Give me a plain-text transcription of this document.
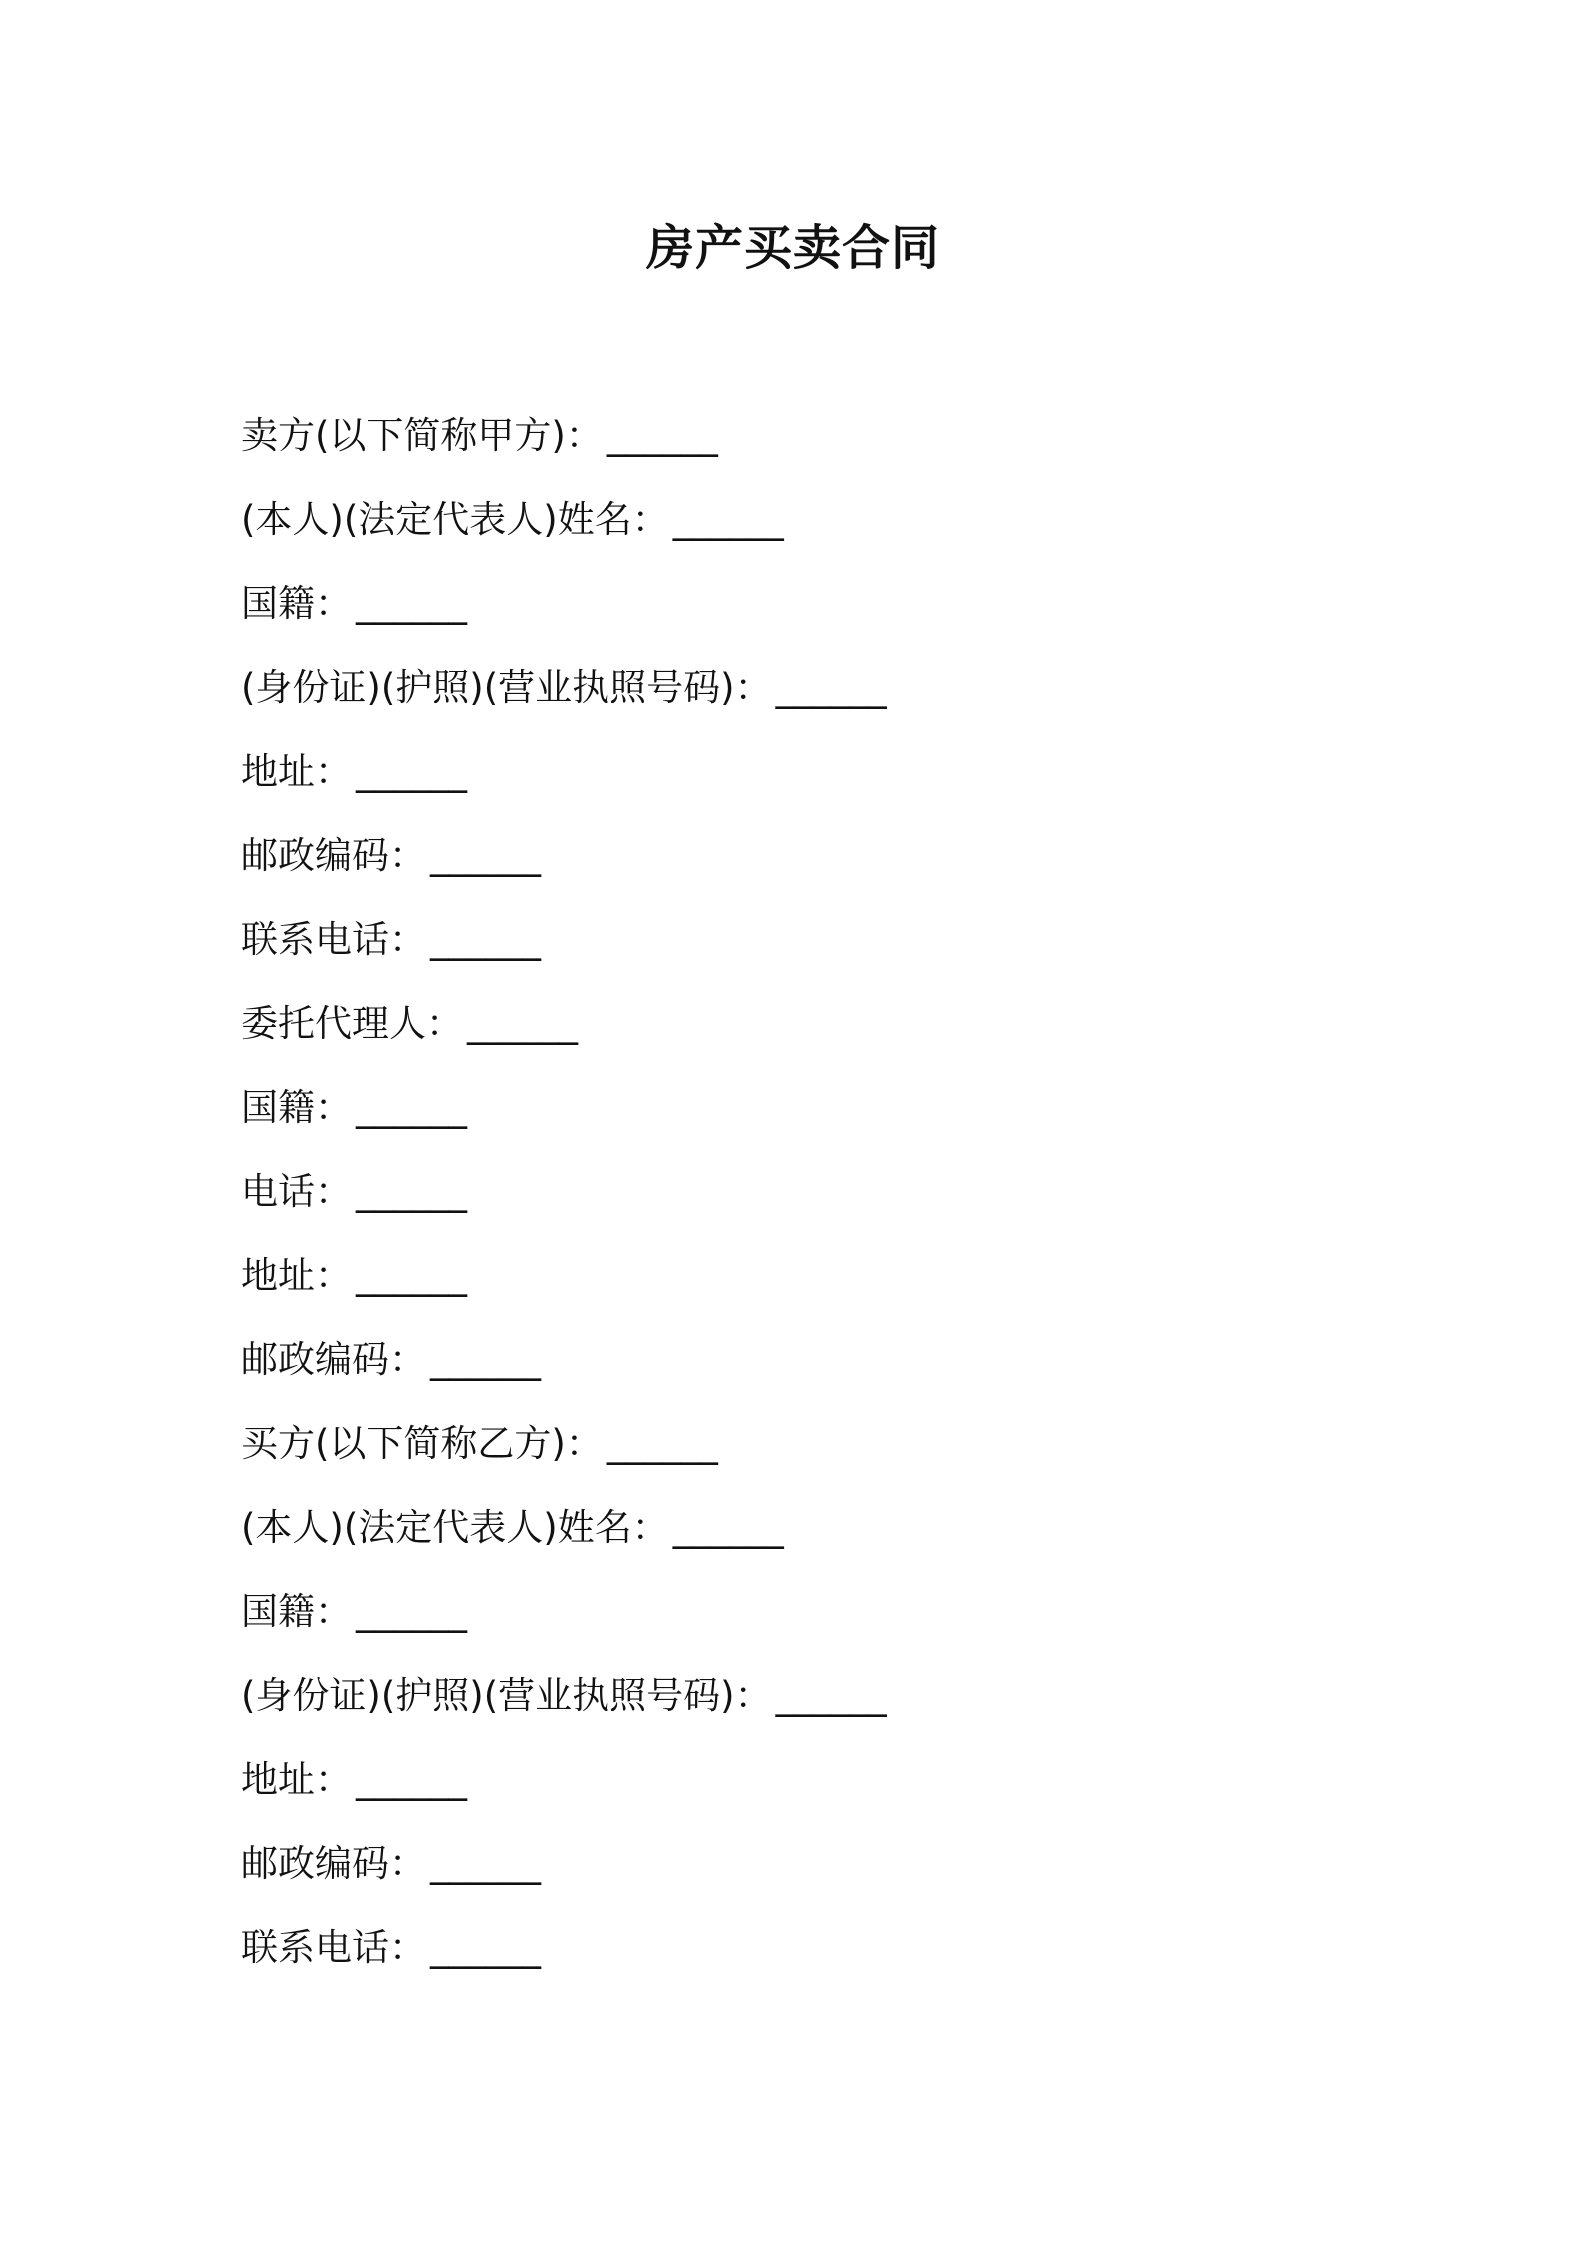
房产买卖合同
卖方(以下简称甲方)： ______
(本人)(法定代表人)姓名： ______
国籍： ______
(身份证)(护照)(营业执照号码)： ______
地址： ______
邮政编码： ______
联系电话： ______
委托代理人： ______
国籍： ______
电话： ______
地址： ______
邮政编码： ______
买方(以下简称乙方)： ______
(本人)(法定代表人)姓名： ______
国籍： ______
(身份证)(护照)(营业执照号码)： ______
地址： ______
邮政编码： ______
联系电话： ______
